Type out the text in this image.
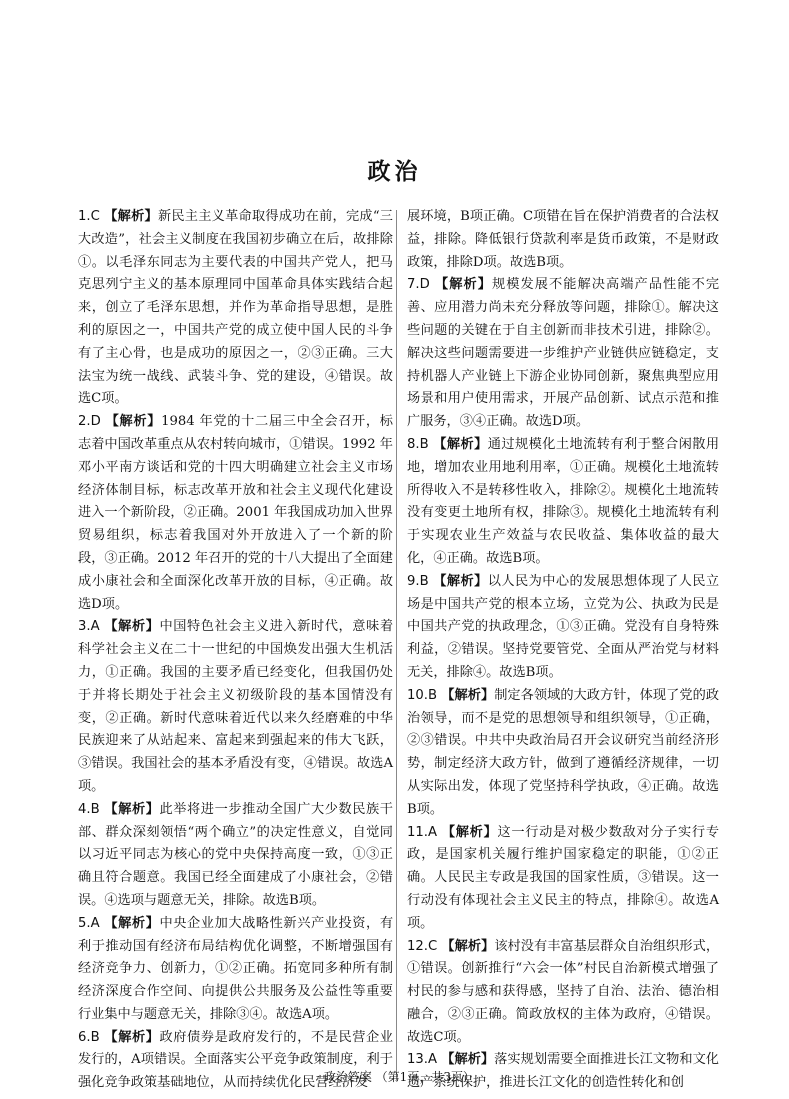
政治

1.C 【解析】新民主主义革命取得成功在前，完成“三大改造”，社会主义制度在我国初步确立在后，故排除①。以毛泽东同志为主要代表的中国共产党人，把马克思列宁主义的基本原理同中国革命具体实践结合起来，创立了毛泽东思想，并作为革命指导思想，是胜利的原因之一，中国共产党的成立使中国人民的斗争有了主心骨，也是成功的原因之一，②③正确。三大法宝为统一战线、武装斗争、党的建设，④错误。故选C项。

2.D 【解析】1984 年党的十二届三中全会召开，标志着中国改革重点从农村转向城市，①错误。1992 年邓小平南方谈话和党的十四大明确建立社会主义市场经济体制目标，标志改革开放和社会主义现代化建设进入一个新阶段，②正确。2001 年我国成功加入世界贸易组织，标志着我国对外开放进入了一个新的阶段，③正确。2012 年召开的党的十八大提出了全面建成小康社会和全面深化改革开放的目标，④正确。故选D项。

3.A 【解析】中国特色社会主义进入新时代，意味着科学社会主义在二十一世纪的中国焕发出强大生机活力，①正确。我国的主要矛盾已经变化，但我国仍处于并将长期处于社会主义初级阶段的基本国情没有变，②正确。新时代意味着近代以来久经磨难的中华民族迎来了从站起来、富起来到强起来的伟大飞跃，③错误。我国社会的基本矛盾没有变，④错误。故选A项。

4.B 【解析】此举将进一步推动全国广大少数民族干部、群众深刻领悟“两个确立”的决定性意义，自觉同以习近平同志为核心的党中央保持高度一致，①③正确且符合题意。我国已经全面建成了小康社会，②错误。④选项与题意无关，排除。故选B项。

5.A 【解析】中央企业加大战略性新兴产业投资，有利于推动国有经济布局结构优化调整，不断增强国有经济竞争力、创新力，①②正确。拓宽同多种所有制经济深度合作空间、向提供公共服务及公益性等重要行业集中与题意无关，排除③④。故选A项。

6.B 【解析】政府债券是政府发行的，不是民营企业发行的，A项错误。全面落实公平竞争政策制度，利于强化竞争政策基础地位，从而持续优化民营经济发

展环境，B项正确。C项错在旨在保护消费者的合法权益，排除。降低银行贷款利率是货币政策，不是财政政策，排除D项。故选B项。

7.D 【解析】规模发展不能解决高端产品性能不完善、应用潜力尚未充分释放等问题，排除①。解决这些问题的关键在于自主创新而非技术引进，排除②。解决这些问题需要进一步维护产业链供应链稳定，支持机器人产业链上下游企业协同创新，聚焦典型应用场景和用户使用需求，开展产品创新、试点示范和推广服务，③④正确。故选D项。

8.B 【解析】通过规模化土地流转有利于整合闲散用地，增加农业用地利用率，①正确。规模化土地流转所得收入不是转移性收入，排除②。规模化土地流转没有变更土地所有权，排除③。规模化土地流转有利于实现农业生产效益与农民收益、集体收益的最大化，④正确。故选B项。

9.B 【解析】以人民为中心的发展思想体现了人民立场是中国共产党的根本立场，立党为公、执政为民是中国共产党的执政理念，①③正确。党没有自身特殊利益，②错误。坚持党要管党、全面从严治党与材料无关，排除④。故选B项。

10.B 【解析】制定各领域的大政方针，体现了党的政治领导，而不是党的思想领导和组织领导，①正确，②③错误。中共中央政治局召开会议研究当前经济形势，制定经济大政方针，做到了遵循经济规律，一切从实际出发，体现了党坚持科学执政，④正确。故选B项。

11.A 【解析】这一行动是对极少数敌对分子实行专政，是国家机关履行维护国家稳定的职能，①②正确。人民民主专政是我国的国家性质，③错误。这一行动没有体现社会主义民主的特点，排除④。故选A项。

12.C 【解析】该村没有丰富基层群众自治组织形式，①错误。创新推行“六会一体”村民自治新模式增强了村民的参与感和获得感，坚持了自治、法治、德治相融合，②③正确。简政放权的主体为政府，④错误。故选C项。

13.A 【解析】落实规划需要全面推进长江文物和文化遗产系统保护，推进长江文化的创造性转化和创

· 政治答案 （第1页，共3页）·
